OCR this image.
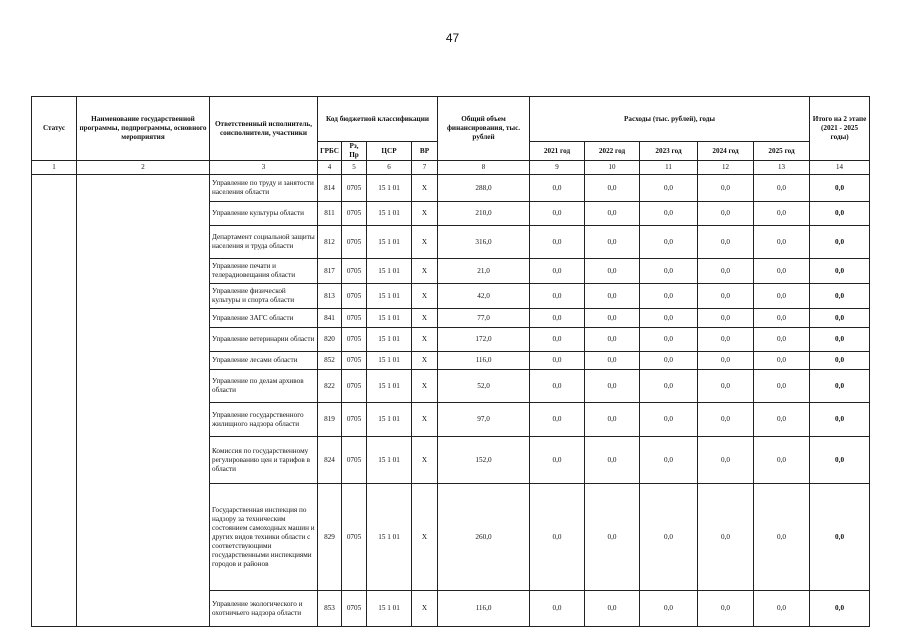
47
Статус	Наименование государственной программы, подпрограммы, основного мероприятия	Ответственный исполнитель, соисполнители, участники	Код бюджетной классификации				Общий объем финансирования, тыс. рублей	Расходы (тыс. рублей), годы					Итого на 2 этапе (2021 - 2025 годы)
			ГРБС	Рз, Пр	ЦСР	ВР		2021 год	2022 год	2023 год	2024 год	2025 год	
1	2	3	4	5	6	7	8	9	10	11	12	13	14
		Управление по труду и занятости населения области	814	0705	15 1 01	Х	288,0	0,0	0,0	0,0	0,0	0,0	0,0
		Управление культуры области	811	0705	15 1 01	Х	210,0	0,0	0,0	0,0	0,0	0,0	0,0
		Департамент социальной защиты населения и труда области	812	0705	15 1 01	Х	316,0	0,0	0,0	0,0	0,0	0,0	0,0
		Управление печати и телерадиовещания области	817	0705	15 1 01	Х	21,0	0,0	0,0	0,0	0,0	0,0	0,0
		Управление физической культуры и спорта области	813	0705	15 1 01	Х	42,0	0,0	0,0	0,0	0,0	0,0	0,0
		Управление ЗАГС области	841	0705	15 1 01	Х	77,0	0,0	0,0	0,0	0,0	0,0	0,0
		Управление ветеринарии области	820	0705	15 1 01	Х	172,0	0,0	0,0	0,0	0,0	0,0	0,0
		Управление лесами области	852	0705	15 1 01	Х	116,0	0,0	0,0	0,0	0,0	0,0	0,0
		Управление по делам архивов области	822	0705	15 1 01	Х	52,0	0,0	0,0	0,0	0,0	0,0	0,0
		Управление государственного жилищного надзора области	819	0705	15 1 01	Х	97,0	0,0	0,0	0,0	0,0	0,0	0,0
		Комиссия по государственному регулированию цен и тарифов в области	824	0705	15 1 01	Х	152,0	0,0	0,0	0,0	0,0	0,0	0,0
		Государственная инспекция по надзору за техническим состоянием самоходных машин и других видов техники области с соответствующими государственными инспекциями городов и районов	829	0705	15 1 01	Х	260,0	0,0	0,0	0,0	0,0	0,0	0,0
		Управление экологического и охотничьего надзора области	853	0705	15 1 01	Х	116,0	0,0	0,0	0,0	0,0	0,0	0,0
